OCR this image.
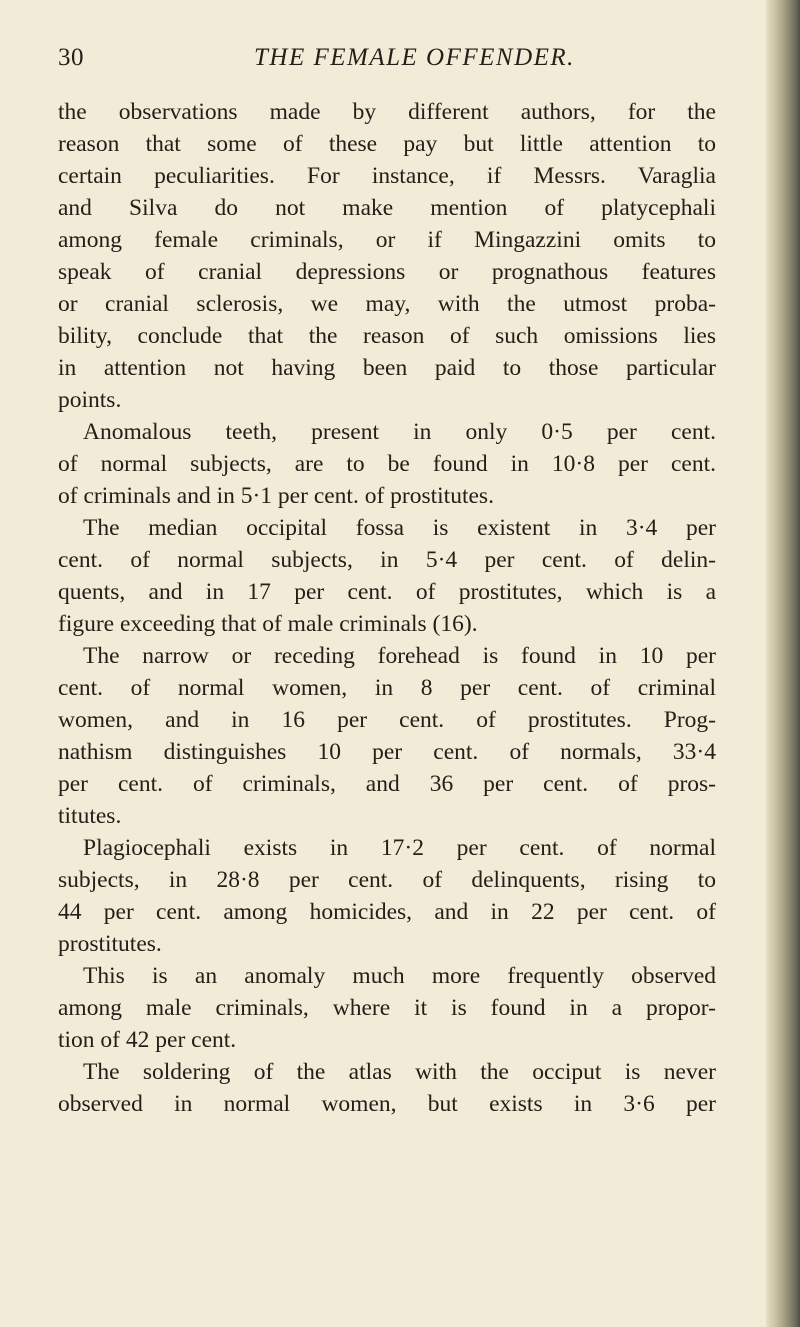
30	THE FEMALE OFFENDER.
the observations made by different authors, for the
reason that some of these pay but little attention to
certain peculiarities. For instance, if Messrs. Varaglia
and Silva do not make mention of platycephali
among female criminals, or if Mingazzini omits to
speak of cranial depressions or prognathous features
or cranial sclerosis, we may, with the utmost proba-
bility, conclude that the reason of such omissions lies
in attention not having been paid to those particular
points.
Anomalous teeth, present in only 0·5 per cent.
of normal subjects, are to be found in 10·8 per cent.
of criminals and in 5·1 per cent. of prostitutes.
The median occipital fossa is existent in 3·4 per
cent. of normal subjects, in 5·4 per cent. of delin-
quents, and in 17 per cent. of prostitutes, which is a
figure exceeding that of male criminals (16).
The narrow or receding forehead is found in 10 per
cent. of normal women, in 8 per cent. of criminal
women, and in 16 per cent. of prostitutes. Prog-
nathism distinguishes 10 per cent. of normals, 33·4
per cent. of criminals, and 36 per cent. of pros-
titutes.
Plagiocephali exists in 17·2 per cent. of normal
subjects, in 28·8 per cent. of delinquents, rising to
44 per cent. among homicides, and in 22 per cent. of
prostitutes.
This is an anomaly much more frequently observed
among male criminals, where it is found in a propor-
tion of 42 per cent.
The soldering of the atlas with the occiput is never
observed in normal women, but exists in 3·6 per
